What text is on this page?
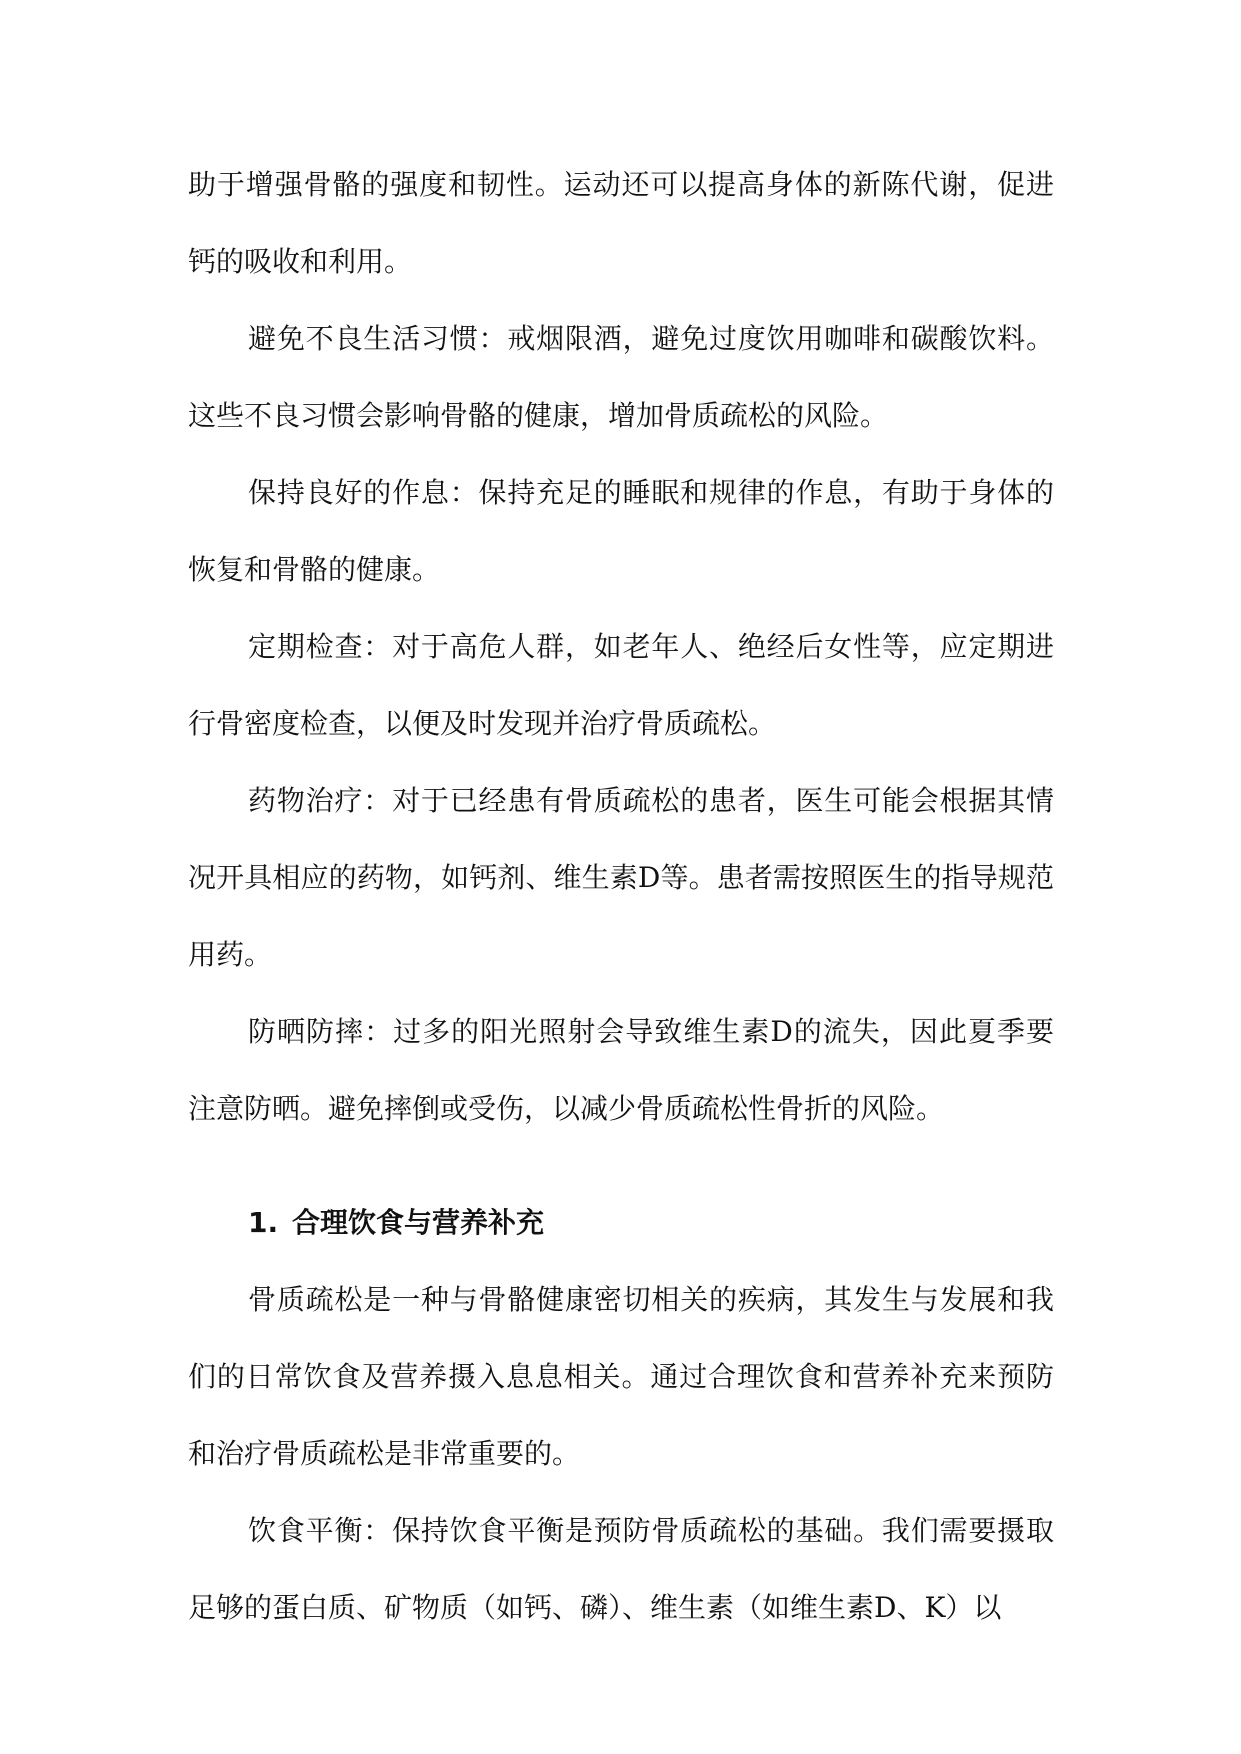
助于增强骨骼的强度和韧性。运动还可以提高身体的新陈代谢，促进钙的吸收和利用。

避免不良生活习惯：戒烟限酒，避免过度饮用咖啡和碳酸饮料。这些不良习惯会影响骨骼的健康，增加骨质疏松的风险。

保持良好的作息：保持充足的睡眠和规律的作息，有助于身体的恢复和骨骼的健康。

定期检查：对于高危人群，如老年人、绝经后女性等，应定期进行骨密度检查，以便及时发现并治疗骨质疏松。

药物治疗：对于已经患有骨质疏松的患者，医生可能会根据其情况开具相应的药物，如钙剂、维生素D等。患者需按照医生的指导规范用药。

防晒防摔：过多的阳光照射会导致维生素D的流失，因此夏季要注意防晒。避免摔倒或受伤，以减少骨质疏松性骨折的风险。

1. 合理饮食与营养补充

骨质疏松是一种与骨骼健康密切相关的疾病，其发生与发展和我们的日常饮食及营养摄入息息相关。通过合理饮食和营养补充来预防和治疗骨质疏松是非常重要的。

饮食平衡：保持饮食平衡是预防骨质疏松的基础。我们需要摄取足够的蛋白质、矿物质（如钙、磷）、维生素（如维生素D、K）以
